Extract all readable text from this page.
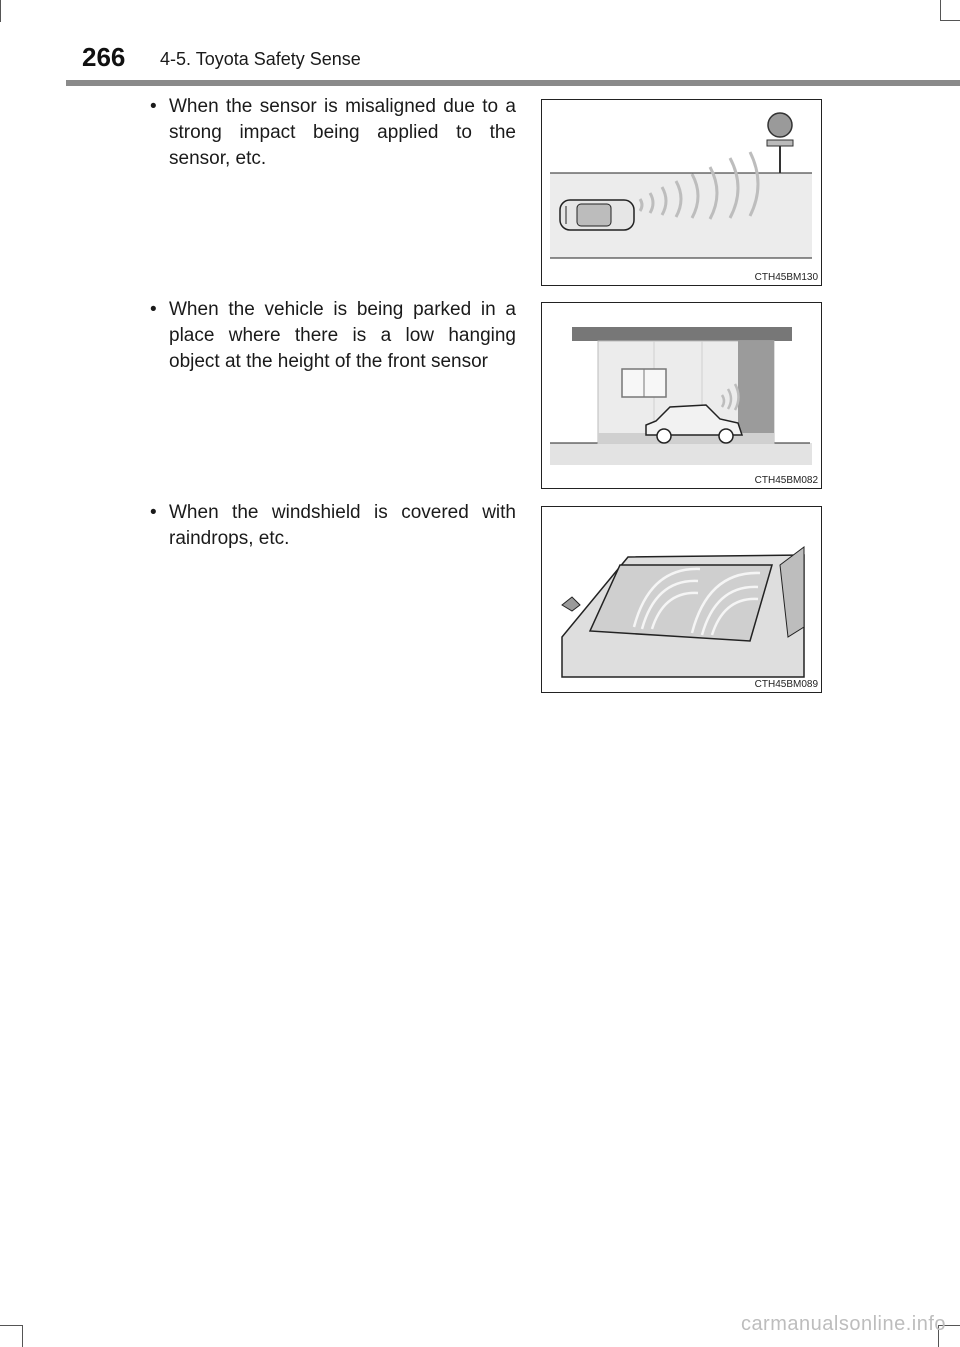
266 4-5. Toyota Safety Sense
• When the sensor is misaligned due to a strong impact being applied to the sensor, etc.
CTH45BM130
• When the vehicle is being parked in a place where there is a low hanging object at the height of the front sensor
CTH45BM082
• When the windshield is covered with raindrops, etc.
CTH45BM089
carmanualsonline.info
